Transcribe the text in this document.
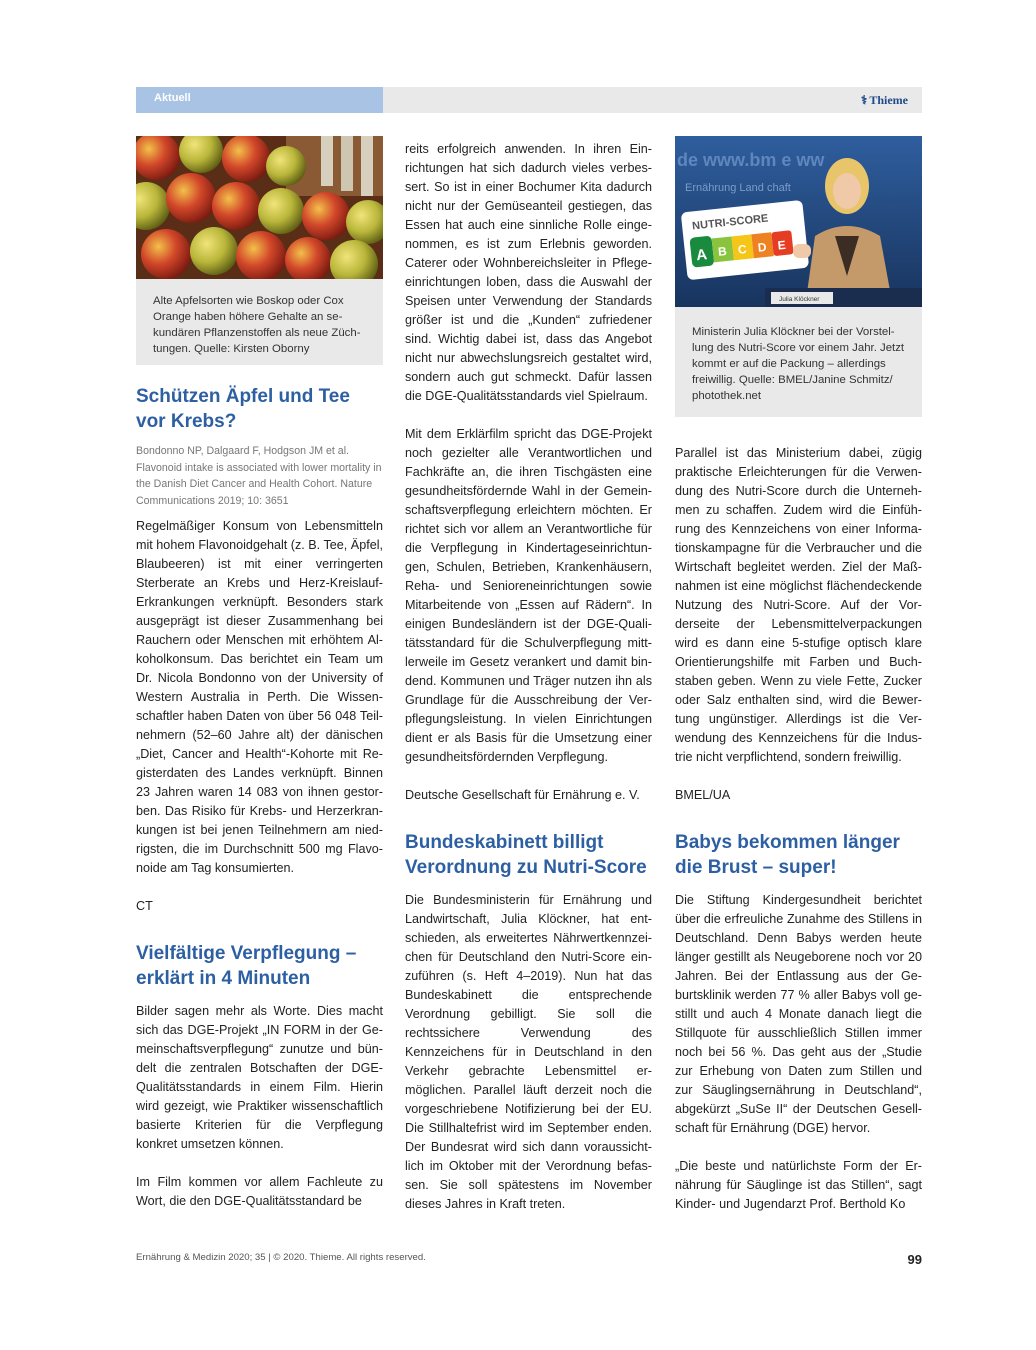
Aktuell	⚕ Thieme
Alte Apfelsorten wie Boskop oder Cox Orange haben höhere Gehalte an sekundären Pflanzenstoffen als neue Züchtungen. Quelle: Kirsten Oborny
Schützen Äpfel und Tee vor Krebs?

Bondonno NP, Dalgaard F, Hodgson JM et al. Flavonoid intake is associated with lower mortality in the Danish Diet Cancer and Health Cohort. Nature Communications 2019; 10: 3651

Regelmäßiger Konsum von Lebensmitteln mit hohem Flavonoidgehalt (z. B. Tee, Äpfel, Blaubeeren) ist mit einer verringerten Sterberate an Krebs und Herz-Kreislauf-Erkrankungen verknüpft. Besonders stark ausgeprägt ist dieser Zusammenhang bei Rauchern oder Menschen mit erhöhtem Alkoholkonsum. Das berichtet ein Team um Dr. Nicola Bondonno von der University of Western Australia in Perth. Die Wissenschaftler haben Daten von über 56 048 Teilnehmern (52–60 Jahre alt) der dänischen „Diet, Cancer and Health“-Kohorte mit Registerdaten des Landes verknüpft. Binnen 23 Jahren waren 14 083 von ihnen gestorben. Das Risiko für Krebs- und Herzerkrankungen ist bei jenen Teilnehmern am niedrigsten, die im Durchschnitt 500 mg Flavonoide am Tag konsumierten.

CT

Vielfältige Verpflegung – erklärt in 4 Minuten

Bilder sagen mehr als Worte. Dies macht sich das DGE-Projekt „IN FORM in der Gemeinschaftsverpflegung“ zunutze und bündelt die zentralen Botschaften der DGE-Qualitätsstandards in einem Film. Hierin wird gezeigt, wie Praktiker wissenschaftlich basierte Kriterien für die Verpflegung konkret umsetzen können.

Im Film kommen vor allem Fachleute zu Wort, die den DGE-Qualitätsstandard be

reits erfolgreich anwenden. In ihren Einrichtungen hat sich dadurch vieles verbessert. So ist in einer Bochumer Kita dadurch nicht nur der Gemüseanteil gestiegen, das Essen hat auch eine sinnliche Rolle eingenommen, es ist zum Erlebnis geworden. Caterer oder Wohnbereichsleiter in Pflegeeinrichtungen loben, dass die Auswahl der Speisen unter Verwendung der Standards größer ist und die „Kunden“ zufriedener sind. Wichtig dabei ist, dass das Angebot nicht nur abwechslungsreich gestaltet wird, sondern auch gut schmeckt. Dafür lassen die DGE-Qualitätsstandards viel Spielraum.

Mit dem Erklärfilm spricht das DGE-Projekt noch gezielter alle Verantwortlichen und Fachkräfte an, die ihren Tischgästen eine gesundheitsfördernde Wahl in der Gemeinschaftsverpflegung erleichtern möchten. Er richtet sich vor allem an Verantwortliche für die Verpflegung in Kindertageseinrichtungen, Schulen, Betrieben, Krankenhäusern, Reha- und Senioreneinrichtungen sowie Mitarbeitende von „Essen auf Rädern“. In einigen Bundesländern ist der DGE-Qualitätsstandard für die Schulverpflegung mittlerweile im Gesetz verankert und damit bindend. Kommunen und Träger nutzen ihn als Grundlage für die Ausschreibung der Verpflegungsleistung. In vielen Einrichtungen dient er als Basis für die Umsetzung einer gesundheitsfördernden Verpflegung.

Deutsche Gesellschaft für Ernährung e. V.

Bundeskabinett billigt Verordnung zu Nutri-Score

Die Bundesministerin für Ernährung und Landwirtschaft, Julia Klöckner, hat entschieden, als erweitertes Nährwertkennzeichen für Deutschland den Nutri-Score einzuführen (s. Heft 4–2019). Nun hat das Bundeskabinett die entsprechende Verordnung gebilligt. Sie soll die rechtssichere Verwendung des Kennzeichens für in Deutschland in den Verkehr gebrachte Lebensmittel ermöglichen. Parallel läuft derzeit noch die vorgeschriebene Notifizierung bei der EU. Die Stillhaltefrist wird im September enden. Der Bundesrat wird sich dann voraussichtlich im Oktober mit der Verordnung befassen. Sie soll spätestens im November dieses Jahres in Kraft treten.

de www.bm e ww
Ernährung Land chaft
NUTRI-SCORE
A B C D E
Julia Klöckner
Ministerin Julia Klöckner bei der Vorstellung des Nutri-Score vor einem Jahr. Jetzt kommt er auf die Packung – allerdings freiwillig. Quelle: BMEL/Janine Schmitz/ photothek.net

Parallel ist das Ministerium dabei, zügig praktische Erleichterungen für die Verwendung des Nutri-Score durch die Unternehmen zu schaffen. Zudem wird die Einführung des Kennzeichens von einer Informationskampagne für die Verbraucher und die Wirtschaft begleitet werden. Ziel der Maßnahmen ist eine möglichst flächendeckende Nutzung des Nutri-Score. Auf der Vorderseite der Lebensmittelverpackungen wird es dann eine 5-stufige optisch klare Orientierungshilfe mit Farben und Buchstaben geben. Wenn zu viele Fette, Zucker oder Salz enthalten sind, wird die Bewertung ungünstiger. Allerdings ist die Verwendung des Kennzeichens für die Industrie nicht verpflichtend, sondern freiwillig.

BMEL/UA

Babys bekommen länger die Brust – super!

Die Stiftung Kindergesundheit berichtet über die erfreuliche Zunahme des Stillens in Deutschland. Denn Babys werden heute länger gestillt als Neugeborene noch vor 20 Jahren. Bei der Entlassung aus der Geburtsklinik werden 77 % aller Babys voll gestillt und auch 4 Monate danach liegt die Stillquote für ausschließlich Stillen immer noch bei 56 %. Das geht aus der „Studie zur Erhebung von Daten zum Stillen und zur Säuglingsernährung in Deutschland“, abgekürzt „SuSe II“ der Deutschen Gesellschaft für Ernährung (DGE) hervor.

„Die beste und natürlichste Form der Ernährung für Säuglinge ist das Stillen“, sagt Kinder- und Jugendarzt Prof. Berthold Ko

Ernährung & Medizin 2020; 35 | © 2020. Thieme. All rights reserved.	99
